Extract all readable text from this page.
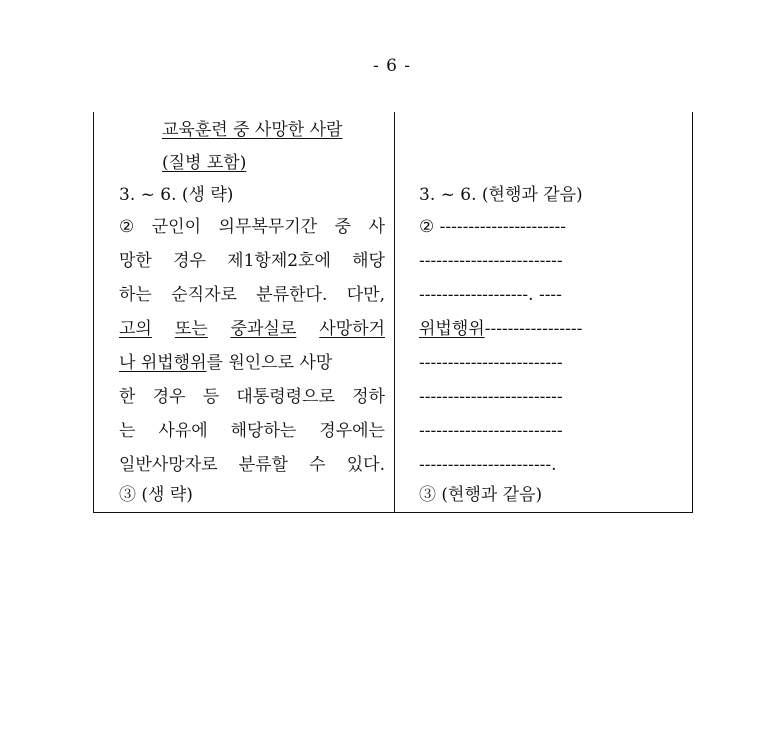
- 6 -
교육훈련 중 사망한 사람
(질병 포함)
3. ~ 6. (생 략)
② 군인이 의무복무기간 중 사
망한 경우 제1항제2호에 해당
하는 순직자로 분류한다. 다만,
고의 또는 중과실로 사망하거
나 위법행위를 원인으로 사망
한 경우 등 대통령령으로 정하
는 사유에 해당하는 경우에는
일반사망자로 분류할 수 있다.
③ (생 략)
3. ~ 6. (현행과 같음)
② ----------------------
-------------------------
-------------------. ----
위법행위-----------------
-------------------------
-------------------------
-------------------------
-----------------------.
③ (현행과 같음)
